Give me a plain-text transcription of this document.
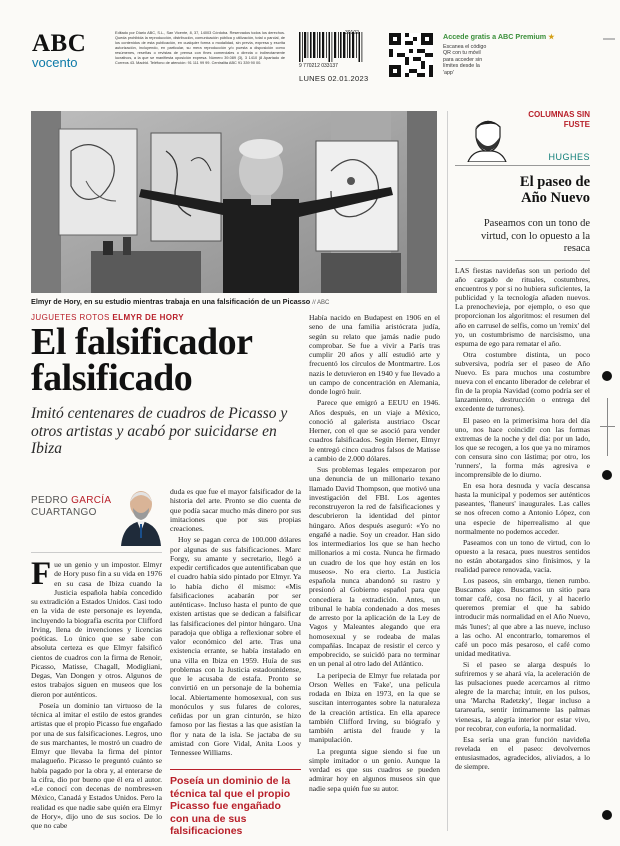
ABC
vocento
Editado por Diario ABC, S.L., San Vicente, 8, 37, 14003 Córdoba. Reservados todos los derechos. Queda prohibida la reproducción, distribución, comunicación pública y utilización, total o parcial, de los contenidos de esta publicación, en cualquier forma o modalidad, sin previa, expresa y escrita autorización, incluyendo, en particular, su mera reproducción y/o puesta a disposición como resúmenes, reseñas o revistas de prensa con fines comerciales o directa o indirectamente lucrativos, a la que se manifiesta oposición expresa. Número 39.089 (3), 3 1410 (8 Apartado de Correos 43. Madrid. Teléfono de atención: 91 111 99 99. Centralita ABC 91 339 90 00.
30102
9 770212 033137
LUNES 02.01.2023
Accede gratis a ABC Premium ★
Escanea el código QR con tu móvil para acceder sin límites desde la 'app'
Elmyr de Hory, en su estudio mientras trabaja en una falsificación de un Picasso // ABC
COLUMNAS SIN FUSTE
HUGHES
El paseo de Año Nuevo
Paseamos con un tono de virtud, con lo opuesto a la resaca

LAS fiestas navideñas son un periodo del año cargado de rituales, costumbres, encuentros y por si no hubiera suficientes, la publicidad y la tecnología añaden nuevos. La prenochevieja, por ejemplo, o eso que proporcionan los algoritmos: el resumen del año en carrusel de selfis, como un 'remix' del yo, un costumbrismo de narcisismo, una espuma de ego para rematar el año.

Otra costumbre distinta, un poco subversiva, podría ser el paseo de Año Nuevo. Es para muchos una costumbre nueva con el encanto liberador de celebrar el fin de la propia Navidad (como podría ser el lanzamiento, destrucción o entrega del excedente de turrones).

El paseo en la primerísima hora del día uno, nos hace coincidir con las formas extremas de la noche y del día: por un lado, los que se recogen, a los que ya no miramos con censura sino con lástima; por otro, los 'runners', la forma más agresiva e incomprensible de lo diurno.

En esa hora desnuda y vacía descansa hasta la municipal y podemos ser auténticos paseantes, 'flaneurs' inaugurales. Las calles se nos ofrecen como a Antonio López, con una especie de hiperrealismo al que normalmente no podemos acceder.

Paseamos con un tono de virtud, con lo opuesto a la resaca, pues nuestros sentidos no están abotargados sino finísimos, y la realidad parece renovada, vacía.

Los paseos, sin embargo, tienen rumbo. Buscamos algo. Buscamos un sitio para tomar café, cosa no fácil, y al hacerlo queremos premiar el que ha sabido introducir más normalidad en el Año Nuevo, más 'lunes'; al que abre a las nueve, incluso a las ocho. Al encontrarlo, tomaremos el café un poco más pesaroso, el café como unidad meditativa.

Si el paseo se alarga después lo sufriremos y se ahará vía, la aceleración de las pulsaciones puede acercarnos al ritmo alegre de la marcha; intuir, en los pulsos, una 'Marcha Radetzky', llegar incluso a tararearla, sentir íntimamente las palmas vienesas, la alegría interior por estar vivo, por recobrar, con euforia, la normalidad.

Esa sería una gran función navideña revelada en el paseo: devolvernos entusiasmados, agradecidos, aliviados, a lo de siempre.

JUGUETES ROTOS ELMYR DE HORY
El falsificador falsificado
Imitó centenares de cuadros de Picasso y otros artistas y acabó por suicidarse en Ibiza
PEDRO GARCÍA
CUARTANGO

F ue un genio y un impostor. Elmyr de Hory puso fin a su vida en 1976 en su casa de Ibiza cuando la Justicia española había concedido su extradición a Estados Unidos. Casi todo en la vida de este personaje es leyenda, incluyendo la biografía escrita por Clifford Irving, llena de invenciones y licencias poéticas. Lo único que se sabe con absoluta certeza es que Elmyr falsificó cientos de cuadros con la firma de Renoir, Picasso, Matisse, Chagall, Modigliani, Degas, Van Dongen y otros. Algunos de estos trabajos siguen en museos que los dieron por auténticos.

Poseía un dominio tan virtuoso de la técnica al imitar el estilo de estos grandes artistas que el propio Picasso fue engañado por una de sus falsificaciones. Legros, uno de sus marchantes, le mostró un cuadro de Elmyr que llevaba la firma del pintor malagueño. Picasso le preguntó cuánto se había pagado por la obra y, al enterarse de la cifra, dio por bueno que él era el autor. «Le conocí con decenas de nombres»en México, Canadá y Estados Unidos. Pero la realidad es que nadie sabe quién era Elmyr de Hory», dijo uno de sus socios. De lo que no cabe

duda es que fue el mayor falsificador de la historia del arte. Pronto se dio cuenta de que podía sacar mucho más dinero por sus imitaciones que por sus propias creaciones.

Hoy se pagan cerca de 100.000 dólares por algunas de sus falsificaciones. Marc Forgy, su amante y secretario, llegó a expedir certificados que autentificaban que el cuadro había sido pintado por Elmyr. Ya lo había dicho él mismo: «Mis falsificaciones acabarán por ser auténticas». Incluso hasta el punto de que existen artistas que se dedican a falsificar las falsificaciones del pintor húngaro. Una paradoja que obliga a reflexionar sobre el valor económico del arte. Tras una existencia errante, se había instalado en una villa en Ibiza en 1959. Huía de sus problemas con la Justicia estadounidense, que le acusaba de estafa. Pronto se convirtió en un personaje de la bohemia local. Abiertamente homosexual, con sus monóculos y sus fulares de colores, ceñidas por un gran cinturón, se hizo famoso por las fiestas a las que asistían la flor y nata de la isla. Se jactaba de su amistad con Gore Vidal, Anita Loos y Tennessee Williams.

Poseía un dominio de la técnica tal que el propio Picasso fue engañado con una de sus falsificaciones

Había nacido en Budapest en 1906 en el seno de una familia aristócrata judía, según su relato que jamás nadie pudo comprobar. Se fue a vivir a París tras cumplir 20 años y allí estudió arte y frecuentó los círculos de Montmartre. Los nazis le detuvieron en 1940 y fue llevado a un campo de concentración en Alemania, donde logró huir.

Parece que emigró a EEUU en 1946. Años después, en un viaje a México, conoció al galerista austriaco Oscar Herner, con el que se asoció para vender cuadros falsificados. Según Herner, Elmyr le entregó cinco cuadros falsos de Matisse a cambio de 2.000 dólares.

Sus problemas legales empezaron por una denuncia de un millonario texano llamado David Thompson, que motivó una investigación del FBI. Los agentes reconstruyeron la red de falsificaciones y descubrieron la identidad del pintor húngaro. Años después aseguró: «Yo no engañé a nadie. Soy un creador. Han sido los intermediarios los que se han hecho millonarios a mi costa. Nunca he firmado un cuadro de los que hoy están en los museos». No era cierto. La Justicia española nunca abandonó su rastro y presionó al Gobierno español para que concediera la extradición. Antes, un tribunal le había condenado a dos meses de arresto por la aplicación de la Ley de Vagos y Maleantes alegando que era homosexual y se rodeaba de malas compañías. Incapaz de resistir el cerco y empobrecido, se suicidó para no terminar en un penal al otro lado del Atlántico.

La peripecia de Elmyr fue relatada por Orson Welles en 'Fake', una película rodada en Ibiza en 1973, en la que se suscitan interrogantes sobre la naturaleza de la creación artística. En ella aparece también Clifford Irving, su biógrafo y también artista del fraude y la manipulación.

La pregunta sigue siendo si fue un simple imitador o un genio. Aunque la verdad es que sus cuadros se pueden admirar hoy en algunos museos sin que nadie sepa quién fue su autor.
